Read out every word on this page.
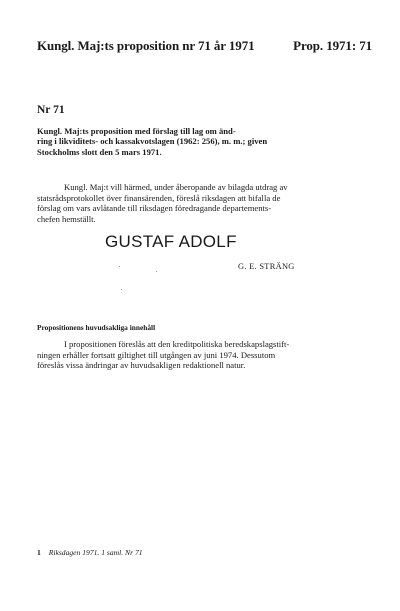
Kungl. Maj:ts proposition nr 71 år 1971	Prop. 1971: 71
Nr 71
Kungl. Maj:ts proposition med förslag till lag om änd-
ring i likviditets- och kassakvotslagen (1962: 256), m. m.; given
Stockholms slott den 5 mars 1971.
Kungl. Maj:t vill härmed, under åberopande av bilagda utdrag av
statsrådsprotokollet över finansärenden, föreslå riksdagen att bifalla de
förslag om vars avlåtande till riksdagen föredragande departements-
chefen hemställt.
GUSTAF ADOLF
G. E. STRÄNG
Propositionens huvudsakliga innehåll
I propositionen föreslås att den kreditpolitiska beredskapslagstift-
ningen erhåller fortsatt giltighet till utgången av juni 1974. Dessutom
föreslås vissa ändringar av huvudsakligen redaktionell natur.
1 Riksdagen 1971. 1 saml. Nr 71
